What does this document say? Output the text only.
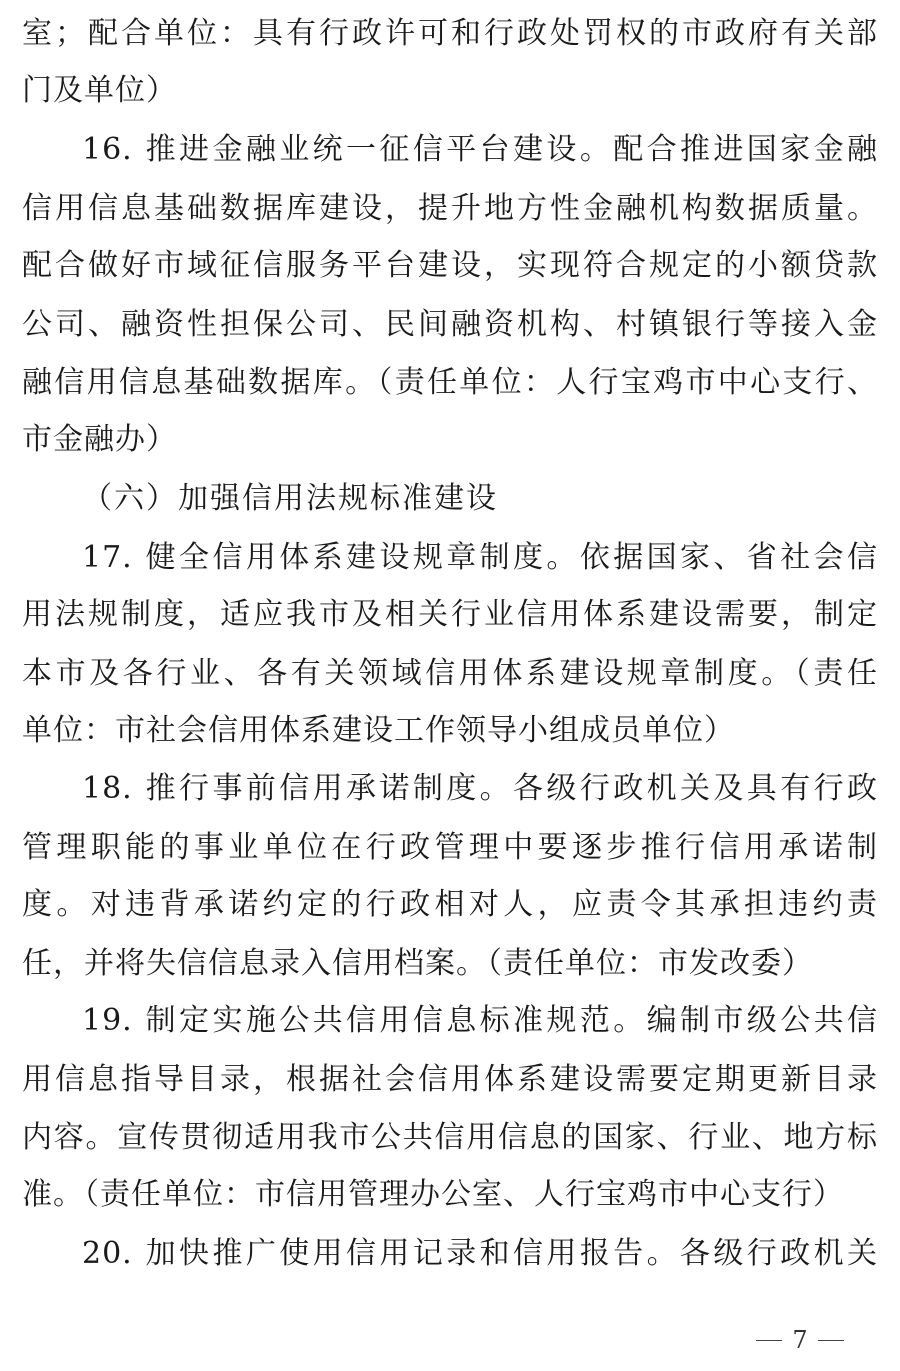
室；配合单位：具有行政许可和行政处罚权的市政府有关部
门及单位）
16. 推进金融业统一征信平台建设。配合推进国家金融
信用信息基础数据库建设，提升地方性金融机构数据质量。
配合做好市域征信服务平台建设，实现符合规定的小额贷款
公司、融资性担保公司、民间融资机构、村镇银行等接入金
融信用信息基础数据库。（责任单位：人行宝鸡市中心支行、
市金融办）
（六）加强信用法规标准建设
17. 健全信用体系建设规章制度。依据国家、省社会信
用法规制度，适应我市及相关行业信用体系建设需要，制定
本市及各行业、各有关领域信用体系建设规章制度。（责任
单位：市社会信用体系建设工作领导小组成员单位）
18. 推行事前信用承诺制度。各级行政机关及具有行政
管理职能的事业单位在行政管理中要逐步推行信用承诺制
度。对违背承诺约定的行政相对人，应责令其承担违约责
任，并将失信信息录入信用档案。（责任单位：市发改委）
19. 制定实施公共信用信息标准规范。编制市级公共信
用信息指导目录，根据社会信用体系建设需要定期更新目录
内容。宣传贯彻适用我市公共信用信息的国家、行业、地方标
准。（责任单位：市信用管理办公室、人行宝鸡市中心支行）
20. 加快推广使用信用记录和信用报告。各级行政机关
7
